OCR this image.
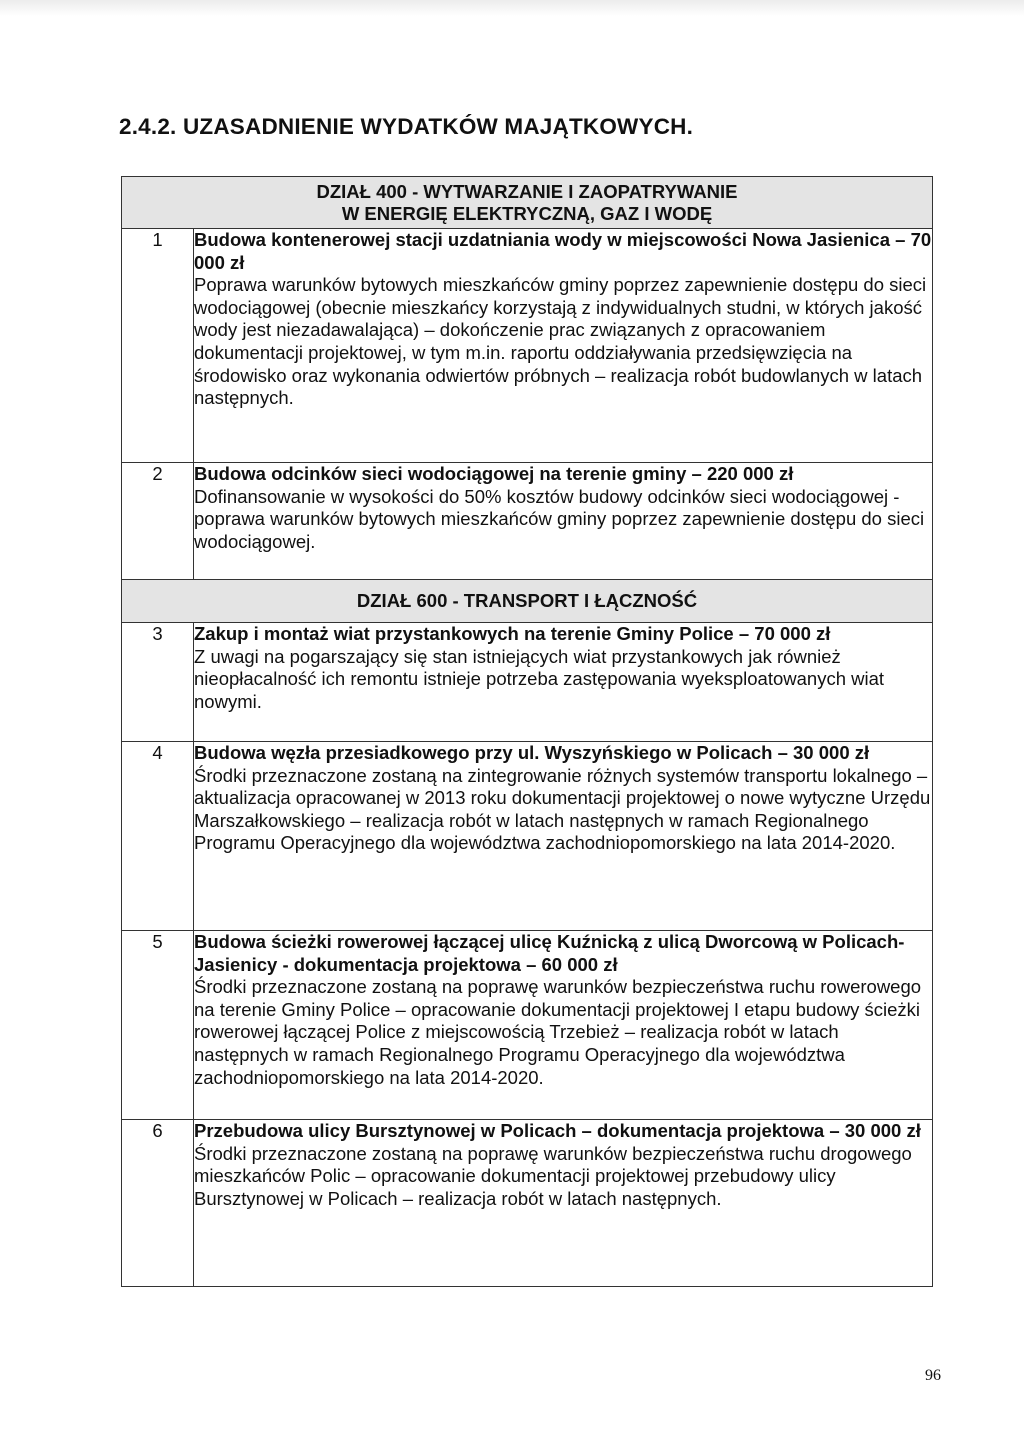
2.4.2. UZASADNIENIE WYDATKÓW MAJĄTKOWYCH.
DZIAŁ 400 - WYTWARZANIE I ZAOPATRYWANIE
W ENERGIĘ ELEKTRYCZNĄ, GAZ I WODĘ	

1	Budowa kontenerowej stacji uzdatniania wody w miejscowości Nowa Jasienica – 70 000 zł
Poprawa warunków bytowych mieszkańców gminy poprzez zapewnienie dostępu do sieci wodociągowej (obecnie mieszkańcy korzystają z indywidualnych studni, w których jakość wody jest niezadawalająca) – dokończenie prac związanych z opracowaniem dokumentacji projektowej, w tym m.in. raportu oddziaływania przedsięwzięcia na środowisko oraz wykonania odwiertów próbnych – realizacja robót budowlanych w latach następnych.

2	Budowa odcinków sieci wodociągowej na terenie gminy – 220 000 zł
Dofinansowanie w wysokości do 50% kosztów budowy odcinków sieci wodociągowej - poprawa warunków bytowych mieszkańców gminy poprzez zapewnienie dostępu do sieci wodociągowej.

DZIAŁ 600 - TRANSPORT I ŁĄCZNOŚĆ	

3	Zakup i montaż wiat przystankowych na terenie Gminy Police – 70 000 zł
Z uwagi na pogarszający się stan istniejących wiat przystankowych jak również nieopłacalność ich remontu istnieje potrzeba zastępowania wyeksploatowanych wiat nowymi.

4	Budowa węzła przesiadkowego przy ul. Wyszyńskiego w Policach – 30 000 zł
Środki przeznaczone zostaną na zintegrowanie różnych systemów transportu lokalnego – aktualizacja opracowanej w 2013 roku dokumentacji projektowej o nowe wytyczne Urzędu Marszałkowskiego – realizacja robót w latach następnych w ramach Regionalnego Programu Operacyjnego dla województwa zachodniopomorskiego na lata 2014-2020.

5	Budowa ścieżki rowerowej łączącej ulicę Kuźnicką z ulicą Dworcową w Policach-Jasienicy - dokumentacja projektowa – 60 000 zł
Środki przeznaczone zostaną na poprawę warunków bezpieczeństwa ruchu rowerowego na terenie Gminy Police – opracowanie dokumentacji projektowej I etapu budowy ścieżki rowerowej łączącej Police z miejscowością Trzebież – realizacja robót w latach następnych w ramach Regionalnego Programu Operacyjnego dla województwa zachodniopomorskiego na lata 2014-2020.

6	Przebudowa ulicy Bursztynowej w Policach – dokumentacja projektowa – 30 000 zł
Środki przeznaczone zostaną na poprawę warunków bezpieczeństwa ruchu drogowego mieszkańców Polic – opracowanie dokumentacji projektowej przebudowy ulicy Bursztynowej w Policach – realizacja robót w latach następnych.
96
